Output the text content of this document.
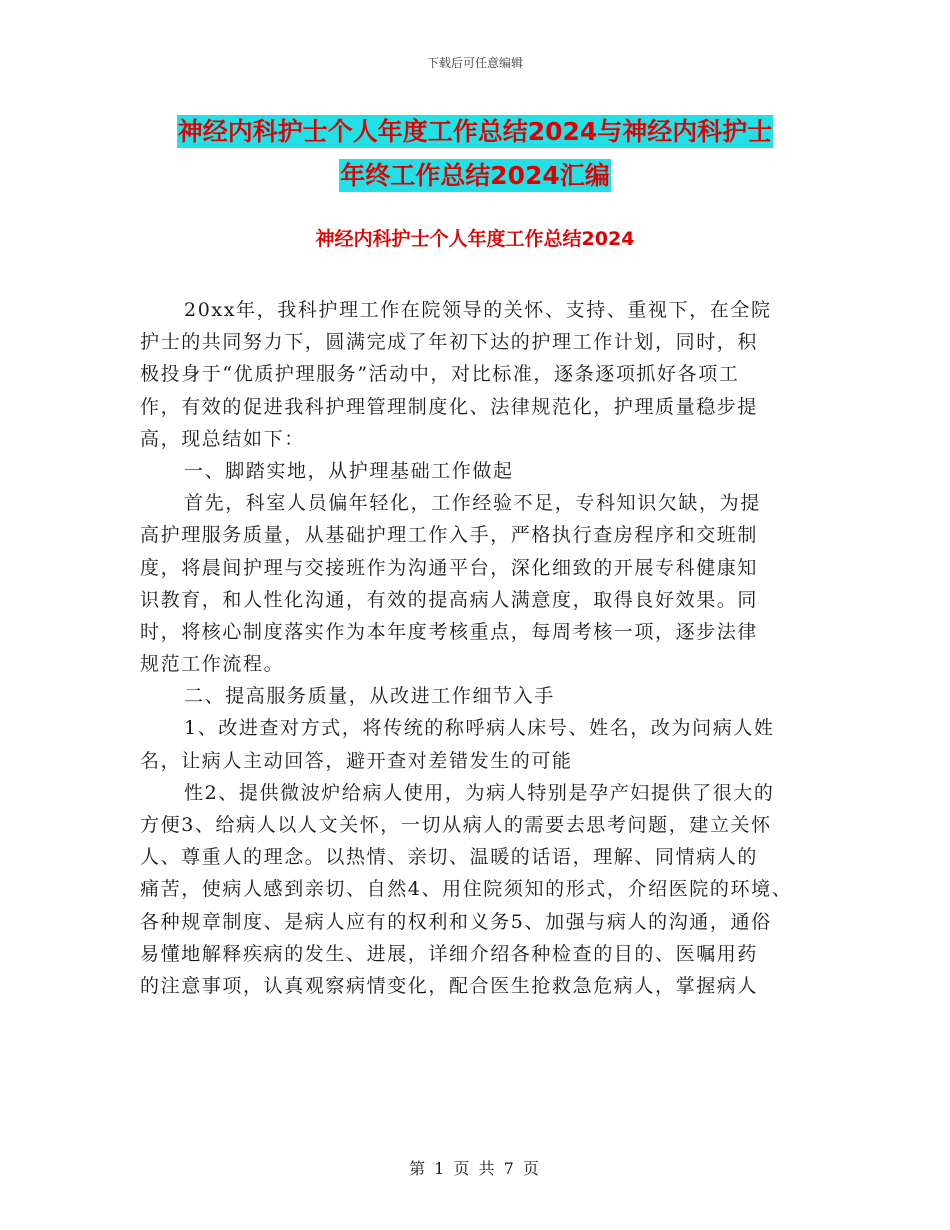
下载后可任意编辑
神经内科护士个人年度工作总结2024与神经内科护士
年终工作总结2024汇编
神经内科护士个人年度工作总结2024
20xx年，我科护理工作在院领导的关怀、支持、重视下，在全院
护士的共同努力下，圆满完成了年初下达的护理工作计划，同时，积
极投身于“优质护理服务”活动中，对比标准，逐条逐项抓好各项工
作，有效的促进我科护理管理制度化、法律规范化，护理质量稳步提
高，现总结如下：
一、脚踏实地，从护理基础工作做起
首先，科室人员偏年轻化，工作经验不足，专科知识欠缺，为提
高护理服务质量，从基础护理工作入手，严格执行查房程序和交班制
度，将晨间护理与交接班作为沟通平台，深化细致的开展专科健康知
识教育，和人性化沟通，有效的提高病人满意度，取得良好效果。同
时，将核心制度落实作为本年度考核重点，每周考核一项，逐步法律
规范工作流程。
二、提高服务质量，从改进工作细节入手
1、改进查对方式，将传统的称呼病人床号、姓名，改为问病人姓
名，让病人主动回答，避开查对差错发生的可能
性2、提供微波炉给病人使用，为病人特别是孕产妇提供了很大的
方便3、给病人以人文关怀，一切从病人的需要去思考问题，建立关怀
人、尊重人的理念。以热情、亲切、温暖的话语，理解、同情病人的
痛苦，使病人感到亲切、自然4、用住院须知的形式，介绍医院的环境、
各种规章制度、是病人应有的权利和义务5、加强与病人的沟通，通俗
易懂地解释疾病的发生、进展，详细介绍各种检查的目的、医嘱用药
的注意事项，认真观察病情变化，配合医生抢救急危病人，掌握病人
第 1 页 共 7 页
